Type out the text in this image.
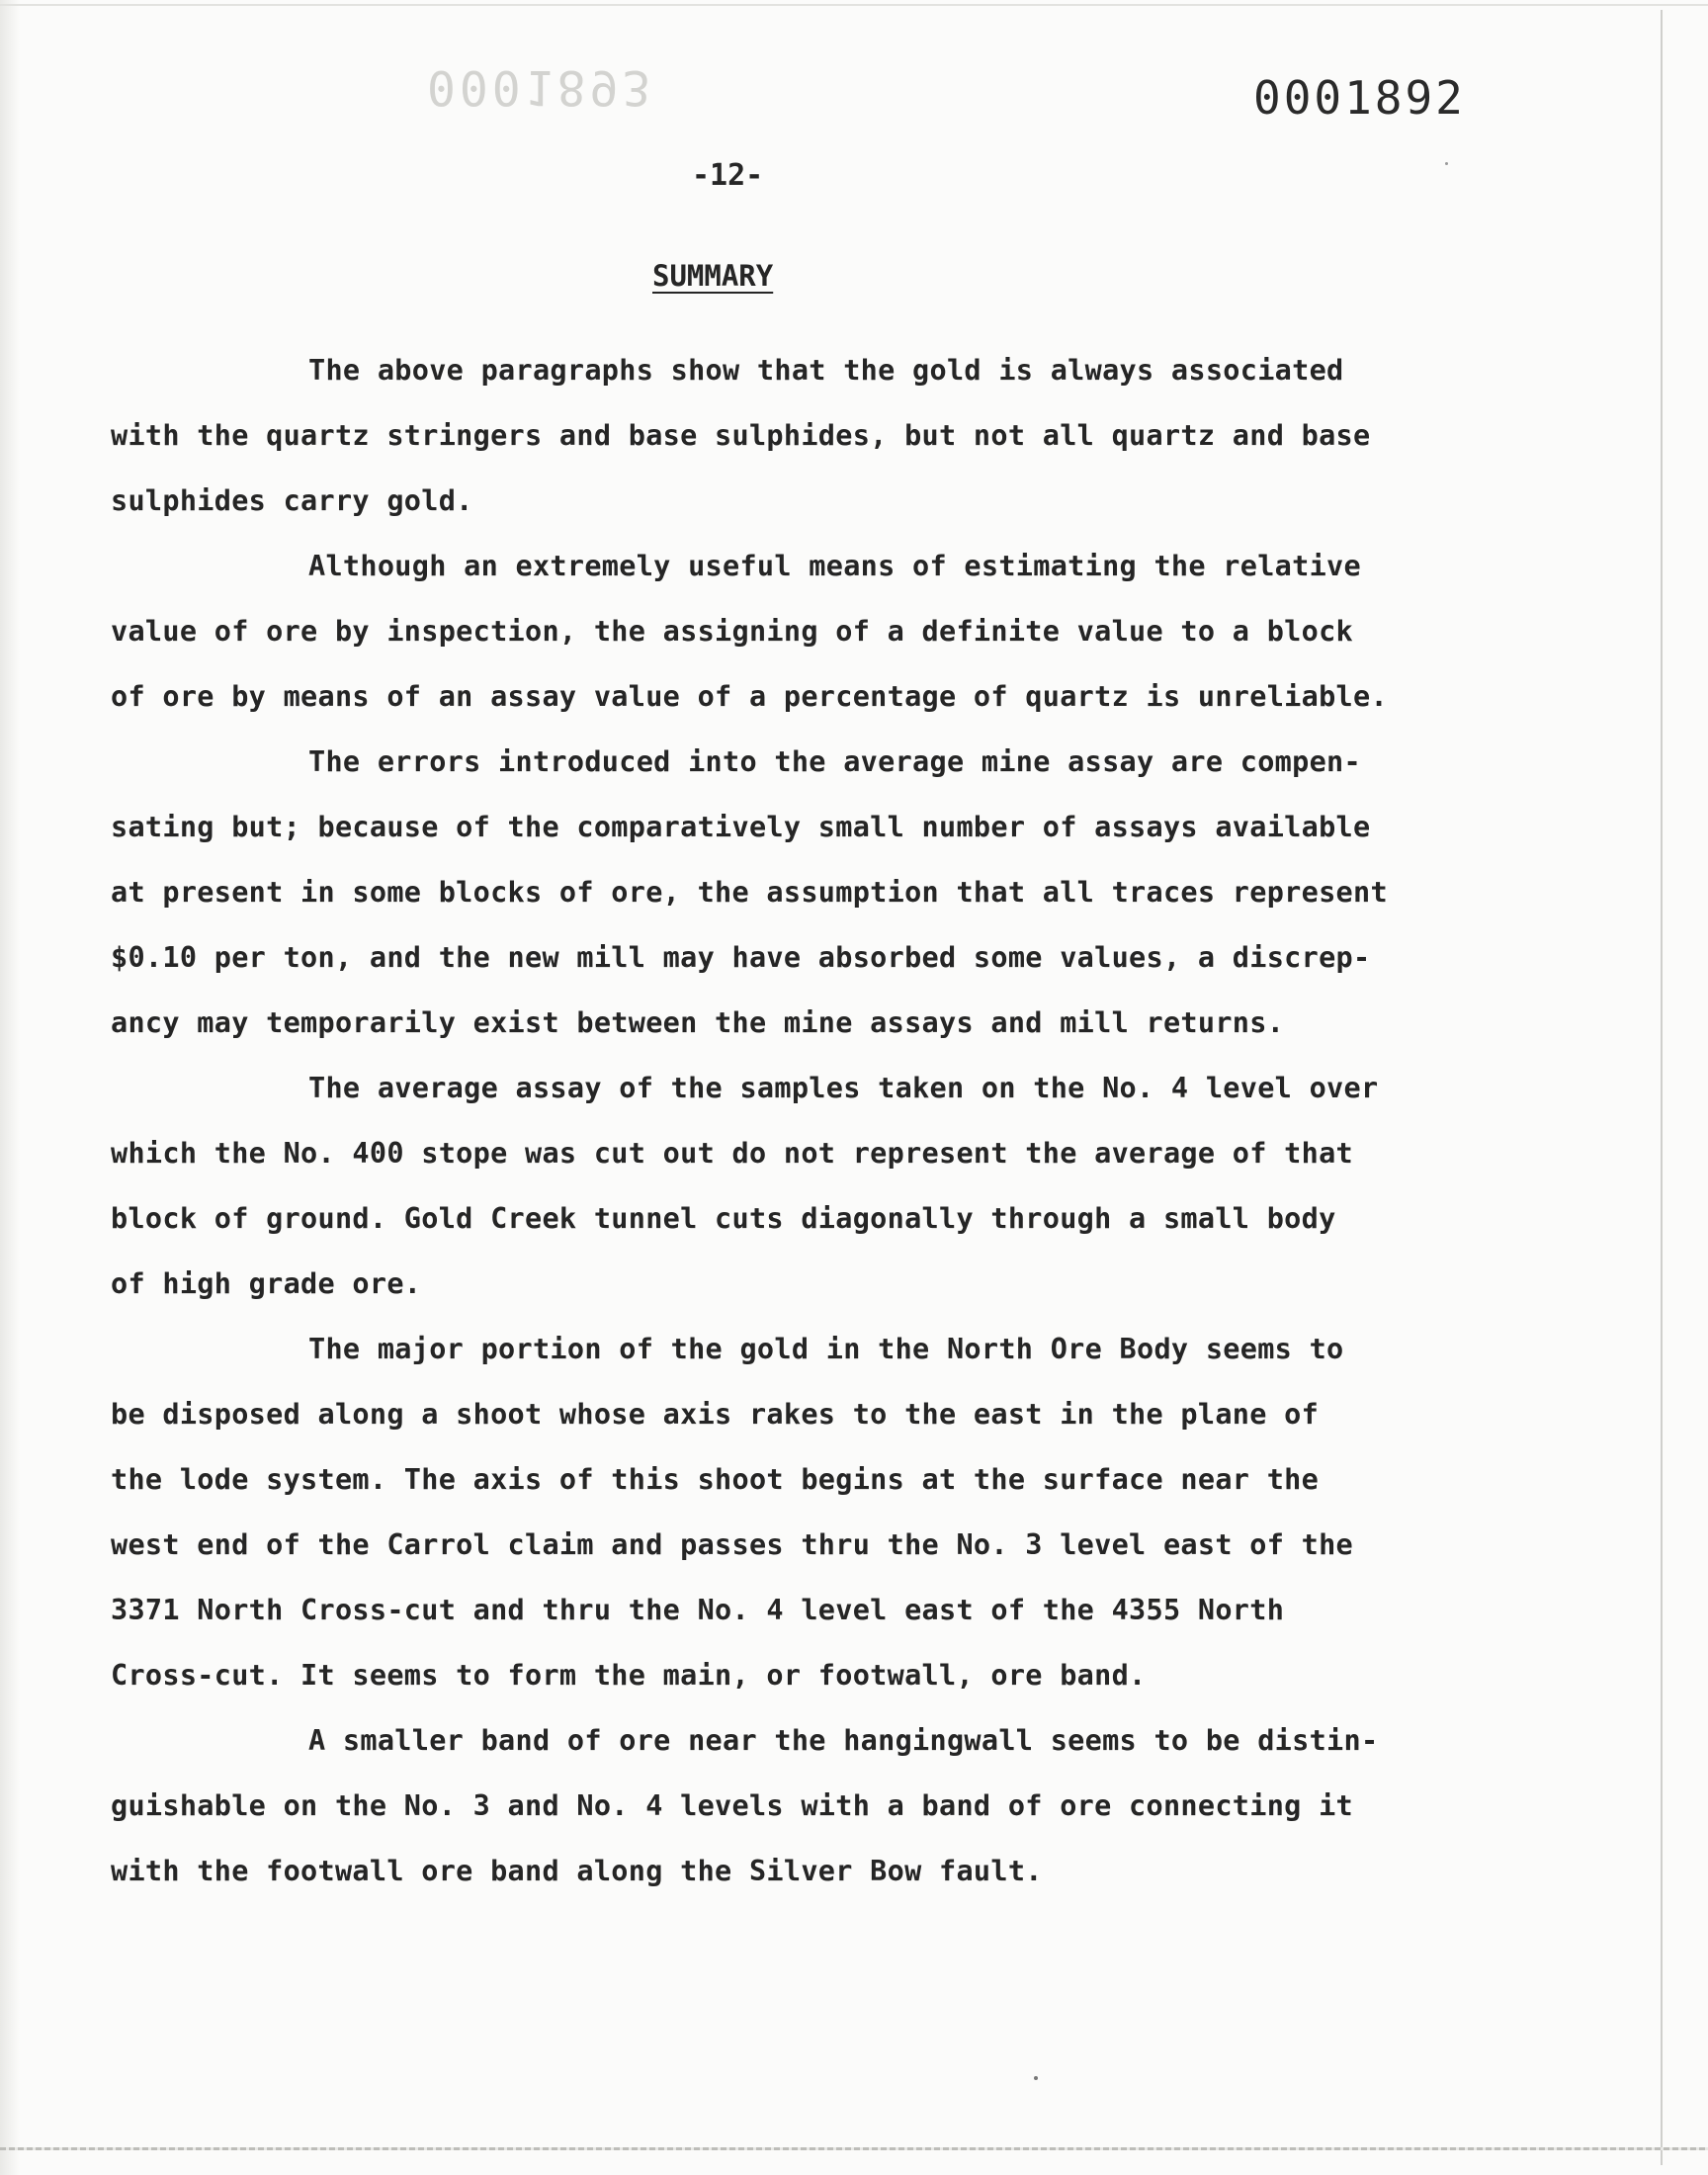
0001893	0001892
-12-
SUMMARY
The above paragraphs show that the gold is always associated
with the quartz stringers and base sulphides, but not all quartz and base
sulphides carry gold.
Although an extremely useful means of estimating the relative
value of ore by inspection, the assigning of a definite value to a block
of ore by means of an assay value of a percentage of quartz is unreliable.
The errors introduced into the average mine assay are compen-
sating but; because of the comparatively small number of assays available
at present in some blocks of ore, the assumption that all traces represent
$0.10 per ton, and the new mill may have absorbed some values, a discrep-
ancy may temporarily exist between the mine assays and mill returns.
The average assay of the samples taken on the No. 4 level over
which the No. 400 stope was cut out do not represent the average of that
block of ground. Gold Creek tunnel cuts diagonally through a small body
of high grade ore.
The major portion of the gold in the North Ore Body seems to
be disposed along a shoot whose axis rakes to the east in the plane of
the lode system. The axis of this shoot begins at the surface near the
west end of the Carrol claim and passes thru the No. 3 level east of the
3371 North Cross-cut and thru the No. 4 level east of the 4355 North
Cross-cut. It seems to form the main, or footwall, ore band.
A smaller band of ore near the hangingwall seems to be distin-
guishable on the No. 3 and No. 4 levels with a band of ore connecting it
with the footwall ore band along the Silver Bow fault.
